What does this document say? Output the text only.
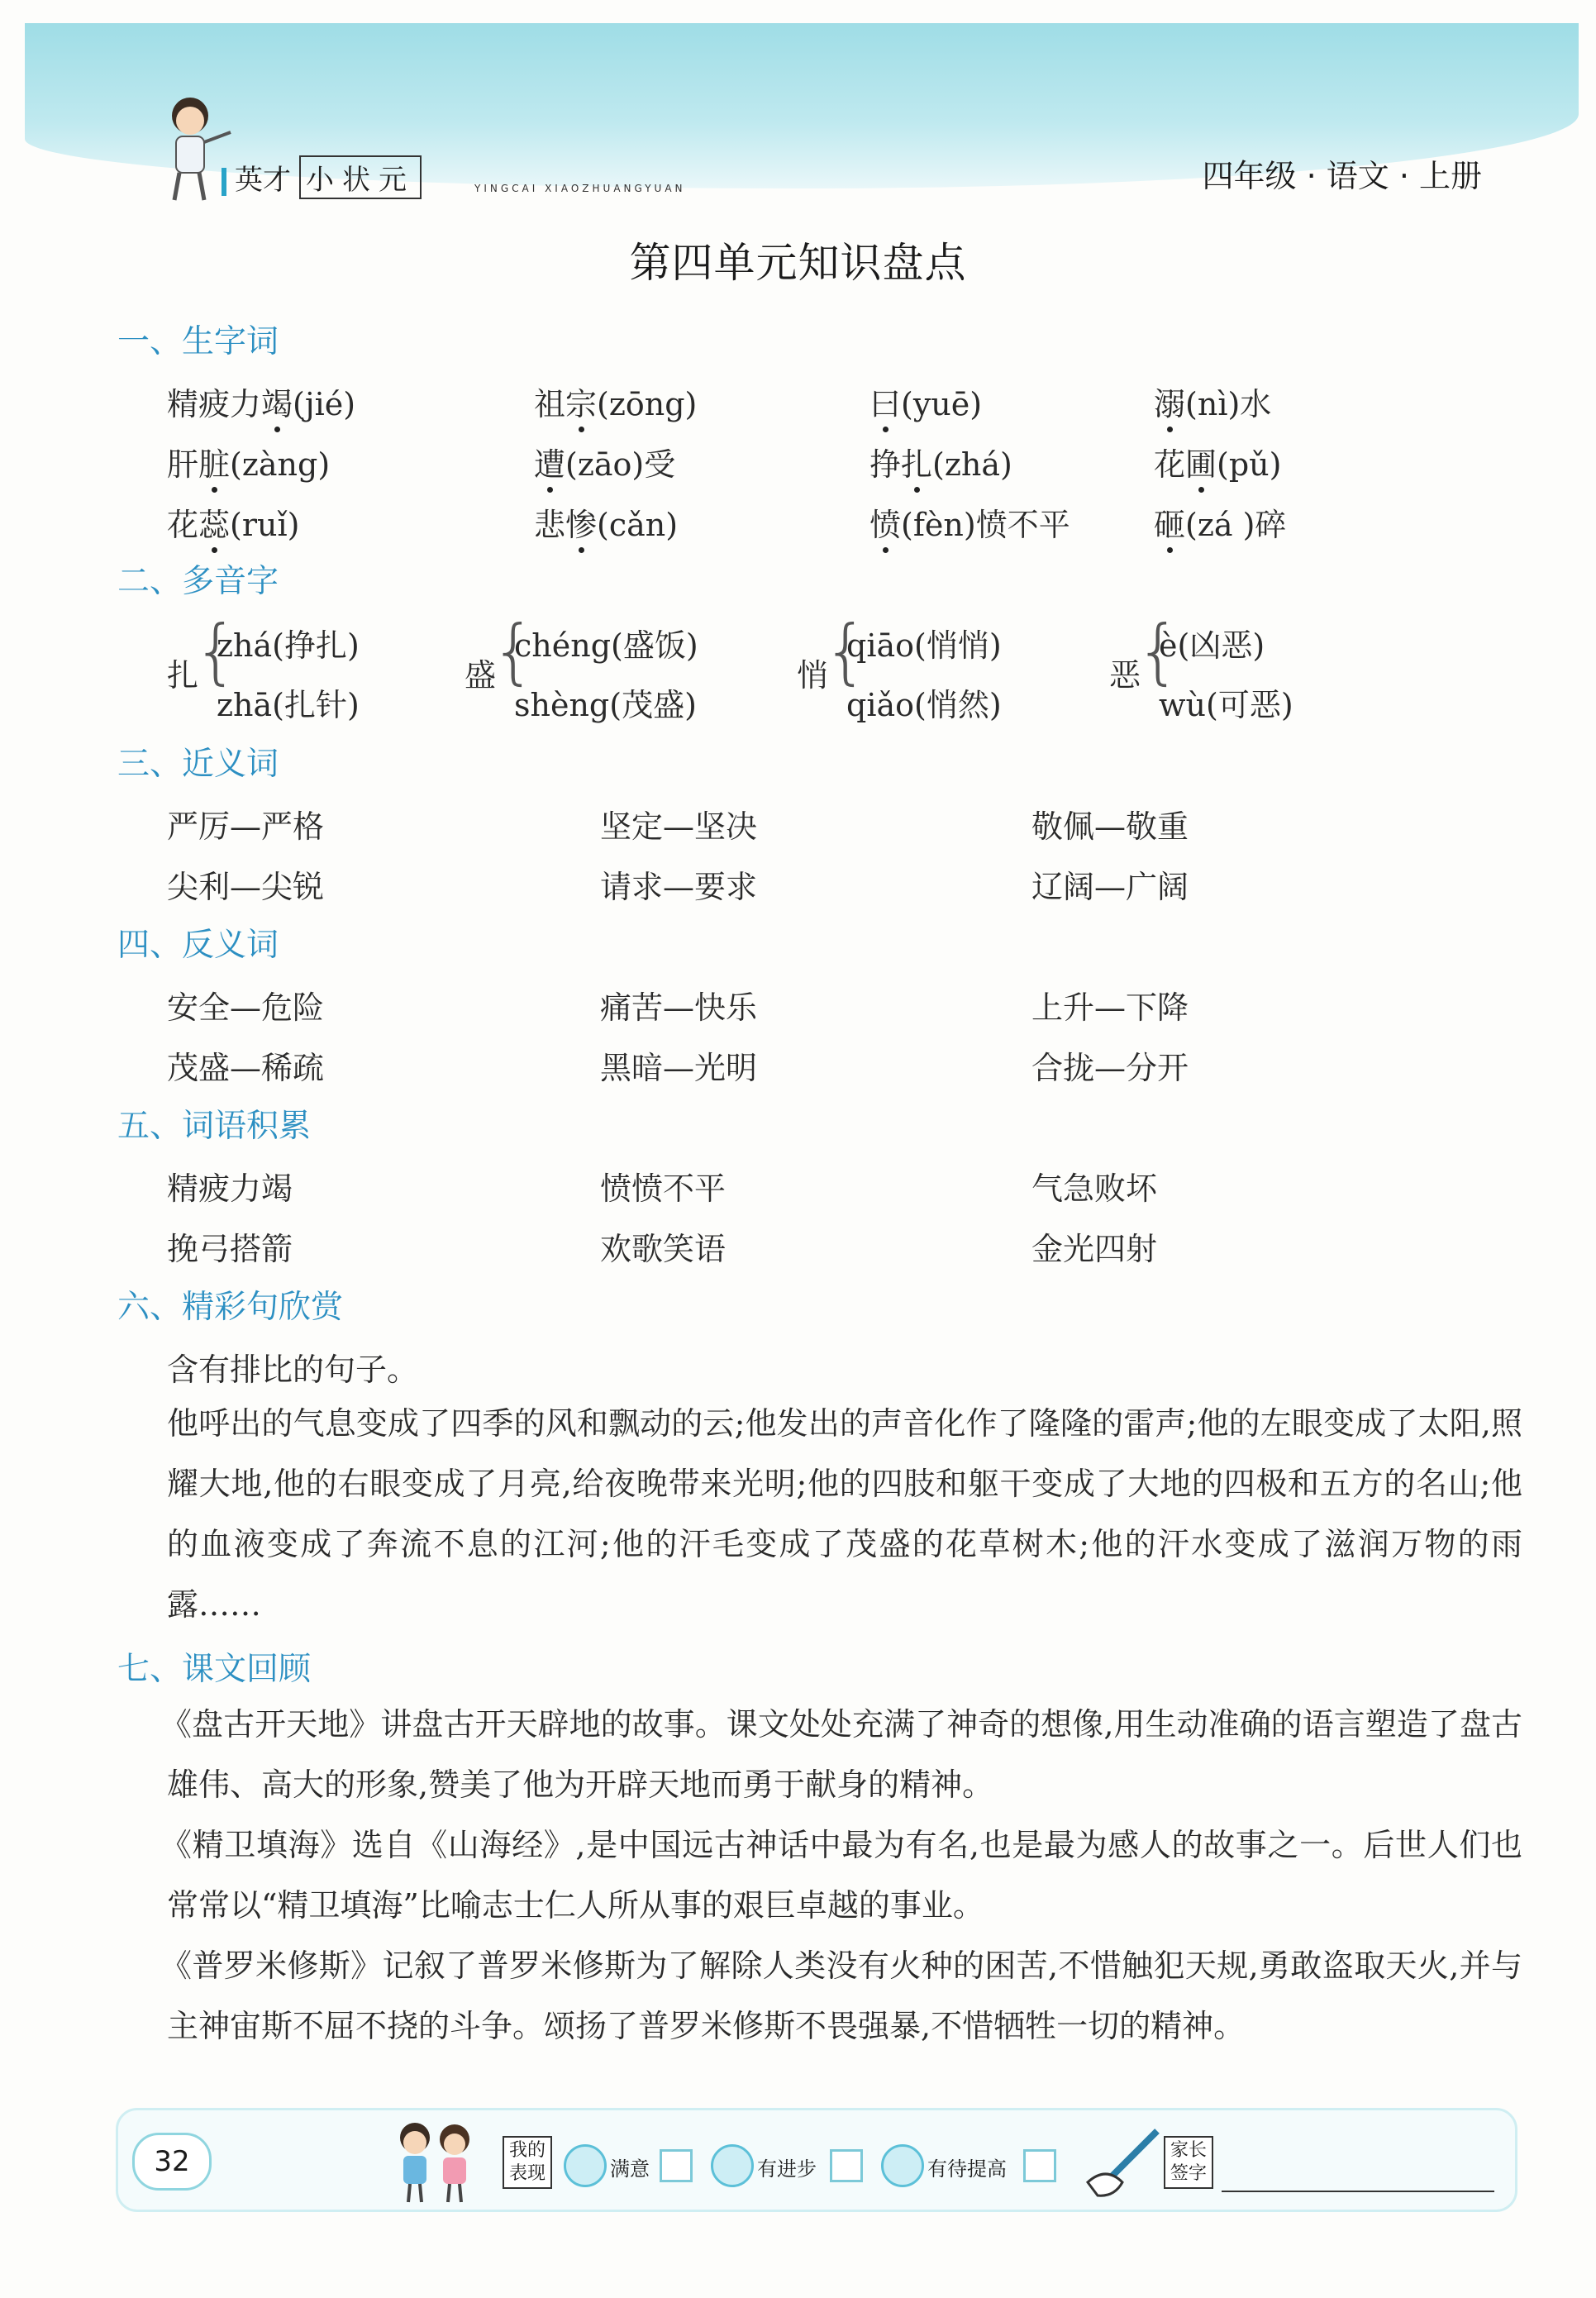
英才 小状元	YINGCAI XIAOZHUANGYUAN	四年级 · 语文 · 上册
第四单元知识盘点
一、生字词
二、多音字
三、近义词
四、反义词
五、词语积累
六、精彩句欣赏
七、课文回顾
精疲力竭(jié)	祖宗(zōng)	曰(yuē)	溺(nì)水
肝脏(zàng)	遭(zāo)受	挣扎(zhá)	花圃(pǔ)
花蕊(ruǐ)	悲惨(cǎn)	愤(fèn)愤不平	砸(zá )碎
扎
{
zhá(挣扎)
zhā(扎针)
盛
{
chéng(盛饭)
shèng(茂盛)
悄
{
qiāo(悄悄)
qiǎo(悄然)
恶
{
è(凶恶)
wù(可恶)
严厉—严格	坚定—坚决	敬佩—敬重
尖利—尖锐	请求—要求	辽阔—广阔
安全—危险	痛苦—快乐	上升—下降
茂盛—稀疏	黑暗—光明	合拢—分开
精疲力竭	愤愤不平	气急败坏
挽弓搭箭	欢歌笑语	金光四射
含有排比的句子。
他呼出的气息变成了四季的风和飘动的云;他发出的声音化作了隆隆的雷声;他的左眼变成了太阳,照耀大地,他的右眼变成了月亮,给夜晚带来光明;他的四肢和躯干变成了大地的四极和五方的名山;他的血液变成了奔流不息的江河;他的汗毛变成了茂盛的花草树木;他的汗水变成了滋润万物的雨露……
《盘古开天地》讲盘古开天辟地的故事。课文处处充满了神奇的想像,用生动准确的语言塑造了盘古雄伟、高大的形象,赞美了他为开辟天地而勇于献身的精神。
《精卫填海》选自《山海经》,是中国远古神话中最为有名,也是最为感人的故事之一。后世人们也常常以“精卫填海”比喻志士仁人所从事的艰巨卓越的事业。
《普罗米修斯》记叙了普罗米修斯为了解除人类没有火种的困苦,不惜触犯天规,勇敢盗取天火,并与主神宙斯不屈不挠的斗争。颂扬了普罗米修斯不畏强暴,不惜牺牲一切的精神。
32	我的
表现	满意	有进步	有待提高
家长
签字
